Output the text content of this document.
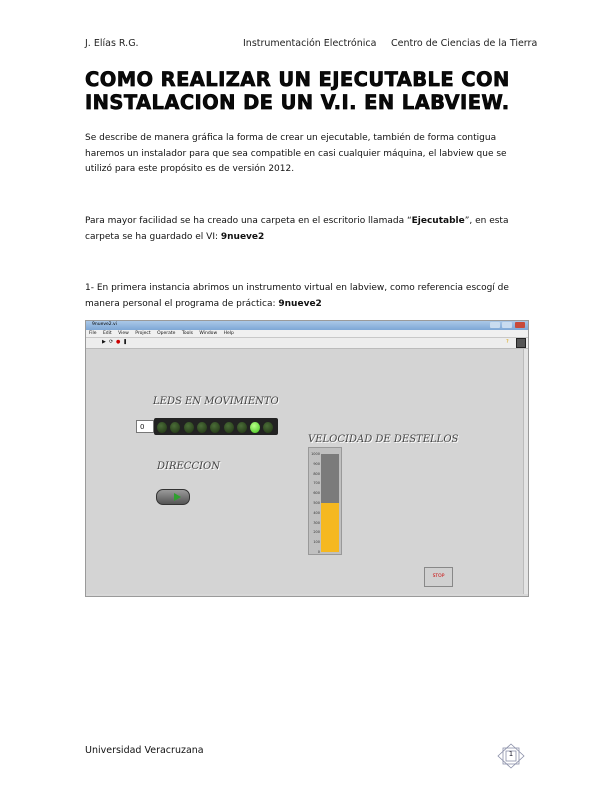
J. Elías R.G.	Instrumentación Electrónica Centro de Ciencias de la Tierra
COMO REALIZAR UN EJECUTABLE CON
INSTALACION DE UN V.I. EN LABVIEW.

Se describe de manera gráfica la forma de crear un ejecutable, también de forma contigua haremos un instalador para que sea compatible en casi cualquier máquina, el labview que se utilizó para este propósito es de versión 2012.

Para mayor facilidad se ha creado una carpeta en el escritorio llamada “Ejecutable”, en esta carpeta se ha guardado el VI: 9nueve2

1- En primera instancia abrimos un instrumento virtual en labview, como referencia escogí de manera personal el programa de práctica: 9nueve2

9nueve2.vi
File Edit View Project Operate Tools Window Help
▶ ⟳ ● ❚	?
LEDS EN MOVIMIENTO
0
DIRECCION
VELOCIDAD DE DESTELLOS
1000
900
800
700
600
500
400
300
200
100
0
STOP
Universidad Veracruzana	1
